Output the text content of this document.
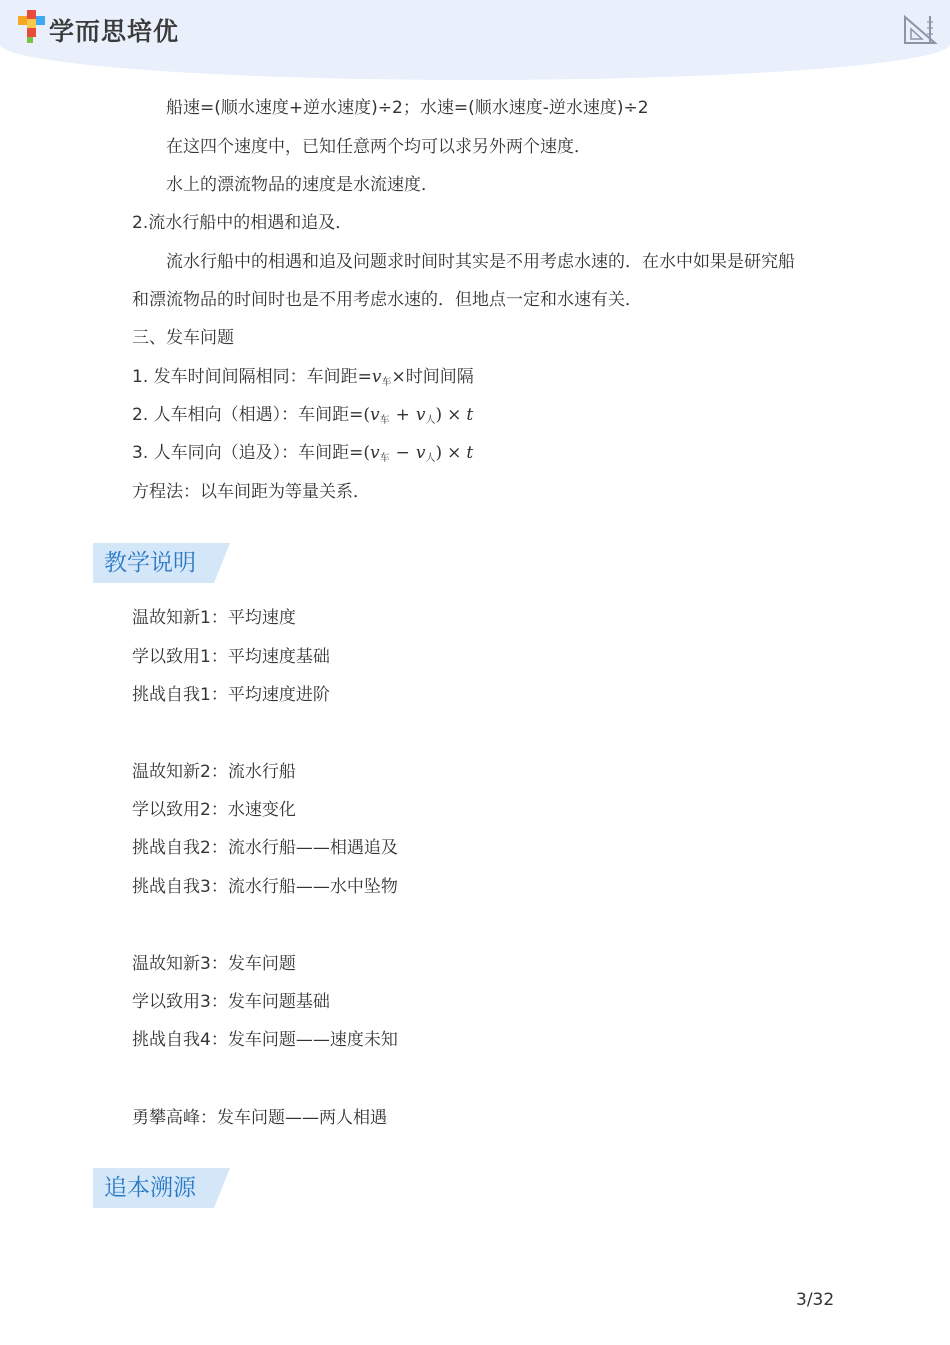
学而思培优
船速=(顺水速度+逆水速度)÷2；水速=(顺水速度-逆水速度)÷2
在这四个速度中，已知任意两个均可以求另外两个速度．
水上的漂流物品的速度是水流速度．
2.流水行船中的相遇和追及．
流水行船中的相遇和追及问题求时间时其实是不用考虑水速的．在水中如果是研究船
和漂流物品的时间时也是不用考虑水速的．但地点一定和水速有关．
三、发车问题
1. 发车时间间隔相同：车间距$=v_车\times$时间间隔
2. 人车相向（相遇）：车间距$=(v_车 + v_人) \times t$
3. 人车同向（追及）：车间距$=(v_车 - v_人) \times t$
方程法：以车间距为等量关系．
教学说明
温故知新1：平均速度
学以致用1：平均速度基础
挑战自我1：平均速度进阶
温故知新2：流水行船
学以致用2：水速变化
挑战自我2：流水行船——相遇追及
挑战自我3：流水行船——水中坠物
温故知新3：发车问题
学以致用3：发车问题基础
挑战自我4：发车问题——速度未知
勇攀高峰：发车问题——两人相遇
追本溯源
3/32
